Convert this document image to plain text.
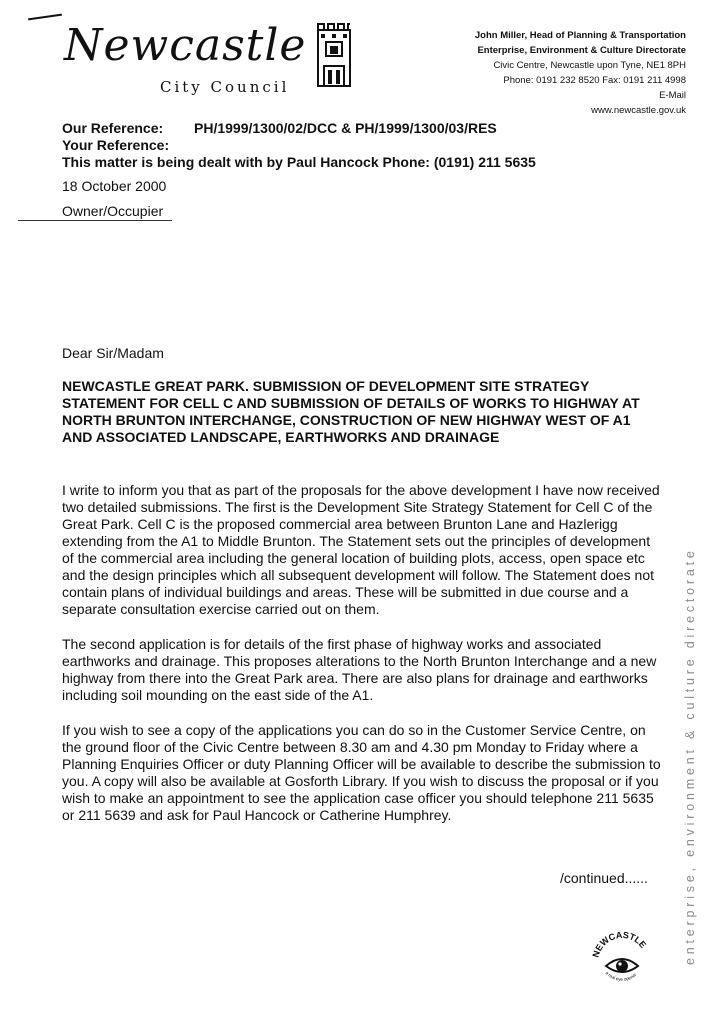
Newcastle
City Council
John Miller, Head of Planning & Transportation
Enterprise, Environment & Culture Directorate
Civic Centre, Newcastle upon Tyne, NE1 8PH
Phone: 0191 232 8520 Fax: 0191 211 4998
E-Mail
www.newcastle.gov.uk
Our Reference: PH/1999/1300/02/DCC & PH/1999/1300/03/RES
Your Reference:
This matter is being dealt with by Paul Hancock Phone: (0191) 211 5635
18 October 2000
Owner/Occupier
Dear Sir/Madam
NEWCASTLE GREAT PARK. SUBMISSION OF DEVELOPMENT SITE STRATEGY STATEMENT FOR CELL C AND SUBMISSION OF DETAILS OF WORKS TO HIGHWAY AT NORTH BRUNTON INTERCHANGE, CONSTRUCTION OF NEW HIGHWAY WEST OF A1 AND ASSOCIATED LANDSCAPE, EARTHWORKS AND DRAINAGE
I write to inform you that as part of the proposals for the above development I have now received two detailed submissions. The first is the Development Site Strategy Statement for Cell C of the Great Park. Cell C is the proposed commercial area between Brunton Lane and Hazlerigg extending from the A1 to Middle Brunton. The Statement sets out the principles of development of the commercial area including the general location of building plots, access, open space etc and the design principles which all subsequent development will follow. The Statement does not contain plans of individual buildings and areas. These will be submitted in due course and a separate consultation exercise carried out on them.
The second application is for details of the first phase of highway works and associated earthworks and drainage. This proposes alterations to the North Brunton Interchange and a new highway from there into the Great Park area. There are also plans for drainage and earthworks including soil mounding on the east side of the A1.
If you wish to see a copy of the applications you can do so in the Customer Service Centre, on the ground floor of the Civic Centre between 8.30 am and 4.30 pm Monday to Friday where a Planning Enquiries Officer or duty Planning Officer will be available to describe the submission to you. A copy will also be available at Gosforth Library. If you wish to discuss the proposal or if you wish to make an appointment to see the application case officer you should telephone 211 5635 or 211 5639 and ask for Paul Hancock or Catherine Humphrey.
/continued......
NEWCASTLE
a real eye opener
enterprise, environment & culture directorate
